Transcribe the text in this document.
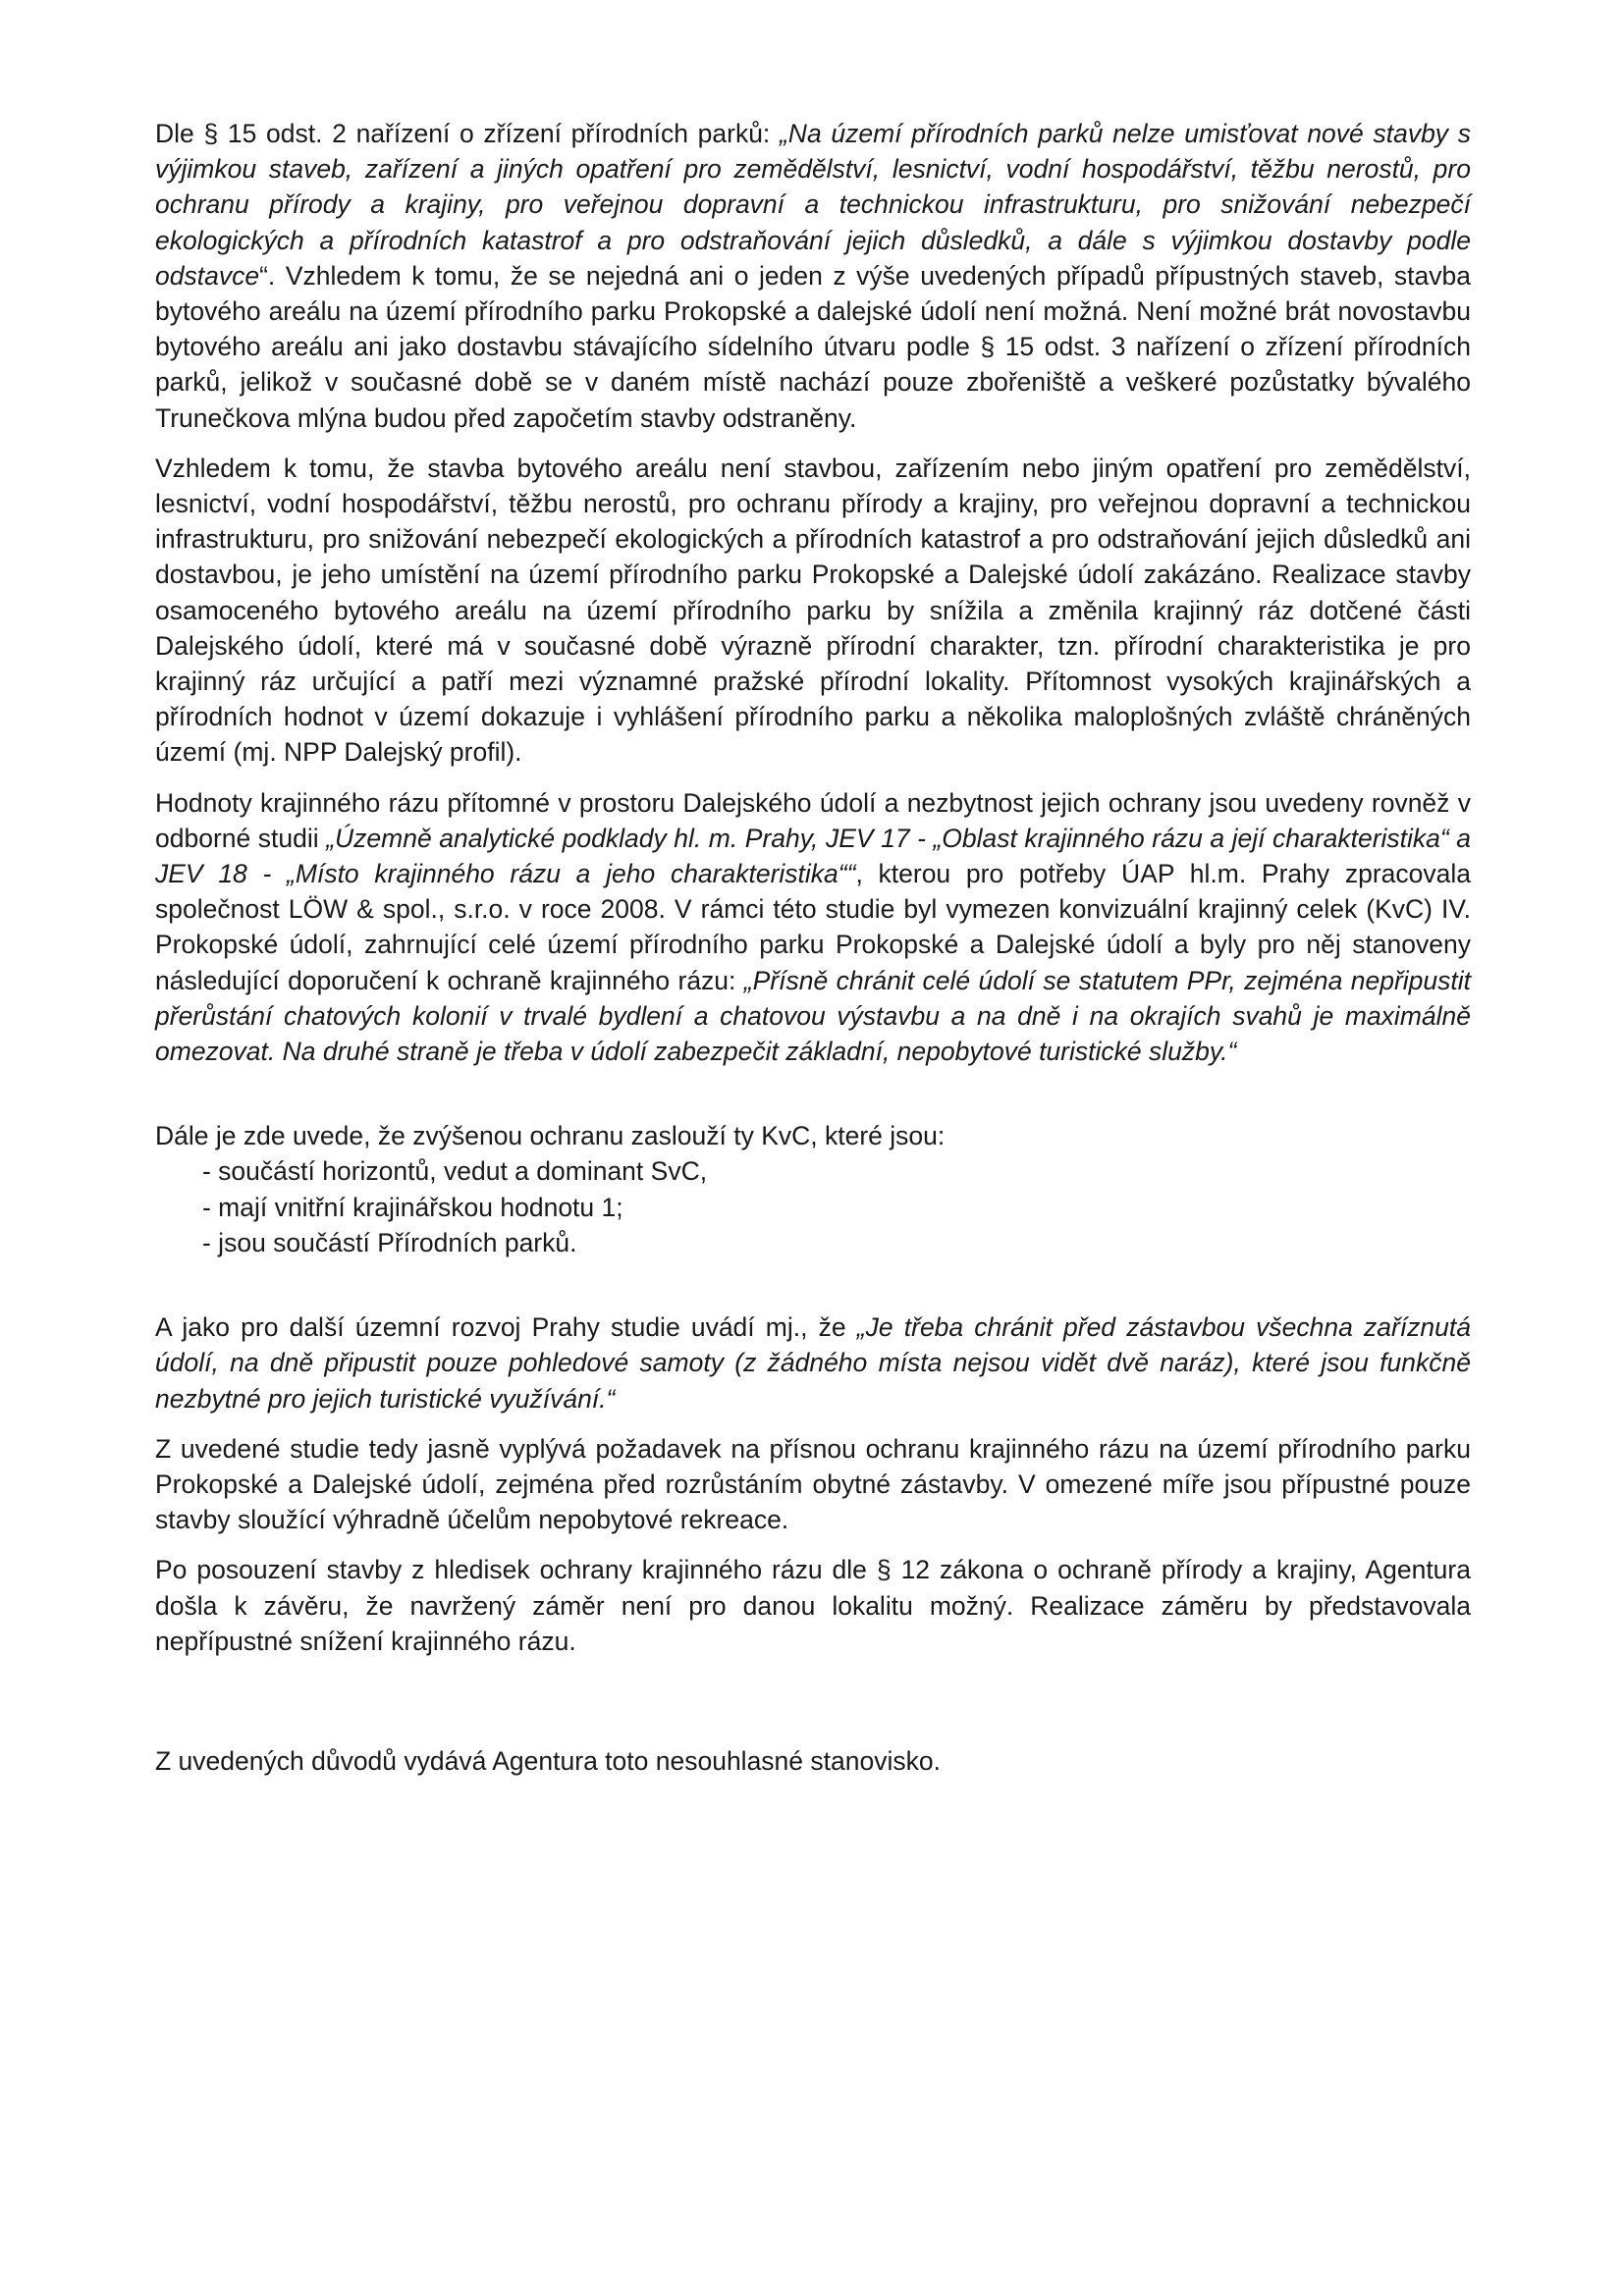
Dle § 15 odst. 2 nařízení o zřízení přírodních parků: „Na území přírodních parků nelze umisťovat nové stavby s výjimkou staveb, zařízení a jiných opatření pro zemědělství, lesnictví, vodní hospodářství, těžbu nerostů, pro ochranu přírody a krajiny, pro veřejnou dopravní a technickou infrastrukturu, pro snižování nebezpečí ekologických a přírodních katastrof a pro odstraňování jejich důsledků, a dále s výjimkou dostavby podle odstavce“. Vzhledem k tomu, že se nejedná ani o jeden z výše uvedených případů přípustných staveb, stavba bytového areálu na území přírodního parku Prokopské a dalejské údolí není možná. Není možné brát novostavbu bytového areálu ani jako dostavbu stávajícího sídelního útvaru podle § 15 odst. 3 nařízení o zřízení přírodních parků, jelikož v současné době se v daném místě nachází pouze zbořeniště a veškeré pozůstatky bývalého Trunečkova mlýna budou před započetím stavby odstraněny.

Vzhledem k tomu, že stavba bytového areálu není stavbou, zařízením nebo jiným opatření pro zemědělství, lesnictví, vodní hospodářství, těžbu nerostů, pro ochranu přírody a krajiny, pro veřejnou dopravní a technickou infrastrukturu, pro snižování nebezpečí ekologických a přírodních katastrof a pro odstraňování jejich důsledků ani dostavbou, je jeho umístění na území přírodního parku Prokopské a Dalejské údolí zakázáno. Realizace stavby osamoceného bytového areálu na území přírodního parku by snížila a změnila krajinný ráz dotčené části Dalejského údolí, které má v současné době výrazně přírodní charakter, tzn. přírodní charakteristika je pro krajinný ráz určující a patří mezi významné pražské přírodní lokality. Přítomnost vysokých krajinářských a přírodních hodnot v území dokazuje i vyhlášení přírodního parku a několika maloplošných zvláště chráněných území (mj. NPP Dalejský profil).

Hodnoty krajinného rázu přítomné v prostoru Dalejského údolí a nezbytnost jejich ochrany jsou uvedeny rovněž v odborné studii „Územně analytické podklady hl. m. Prahy, JEV 17 - „Oblast krajinného rázu a její charakteristika“ a JEV 18 - „Místo krajinného rázu a jeho charakteristika““, kterou pro potřeby ÚAP hl.m. Prahy zpracovala společnost LÖW & spol., s.r.o. v roce 2008. V rámci této studie byl vymezen konvizuální krajinný celek (KvC) IV. Prokopské údolí, zahrnující celé území přírodního parku Prokopské a Dalejské údolí a byly pro něj stanoveny následující doporučení k ochraně krajinného rázu: „Přísně chránit celé údolí se statutem PPr, zejména nepřipustit přerůstání chatových kolonií v trvalé bydlení a chatovou výstavbu a na dně i na okrajích svahů je maximálně omezovat. Na druhé straně je třeba v údolí zabezpečit základní, nepobytové turistické služby.“

Dále je zde uvede, že zvýšenou ochranu zaslouží ty KvC, které jsou:

- součástí horizontů, vedut a dominant SvC,
- mají vnitřní krajinářskou hodnotu 1;
- jsou součástí Přírodních parků.

A jako pro další územní rozvoj Prahy studie uvádí mj., že „Je třeba chránit před zástavbou všechna zaříznutá údolí, na dně připustit pouze pohledové samoty (z žádného místa nejsou vidět dvě naráz), které jsou funkčně nezbytné pro jejich turistické využívání.“

Z uvedené studie tedy jasně vyplývá požadavek na přísnou ochranu krajinného rázu na území přírodního parku Prokopské a Dalejské údolí, zejména před rozrůstáním obytné zástavby. V omezené míře jsou přípustné pouze stavby sloužící výhradně účelům nepobytové rekreace.

Po posouzení stavby z hledisek ochrany krajinného rázu dle § 12 zákona o ochraně přírody a krajiny, Agentura došla k závěru, že navržený záměr není pro danou lokalitu možný. Realizace záměru by představovala nepřípustné snížení krajinného rázu.

Z uvedených důvodů vydává Agentura toto nesouhlasné stanovisko.
